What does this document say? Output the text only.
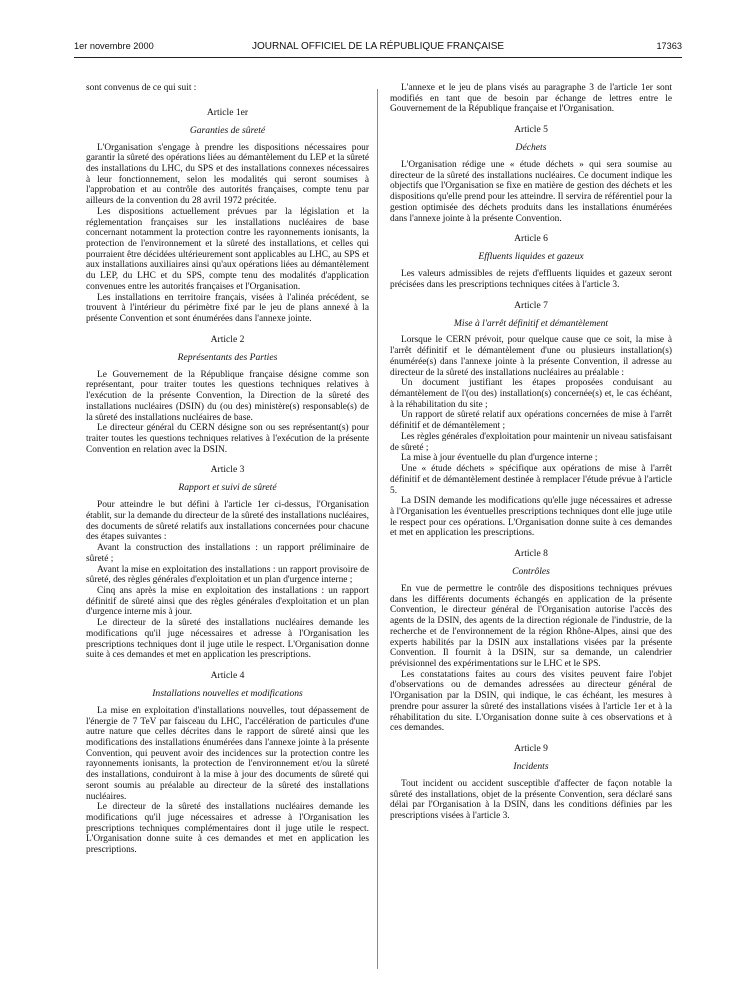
1er novembre 2000	JOURNAL OFFICIEL DE LA RÉPUBLIQUE FRANÇAISE	17363

sont convenus de ce qui suit :

Article 1er
Garanties de sûreté

L'Organisation s'engage à prendre les dispositions nécessaires pour garantir la sûreté des opérations liées au démantèlement du LEP et la sûreté des installations du LHC, du SPS et des installations connexes nécessaires à leur fonctionnement, selon les modalités qui seront soumises à l'approbation et au contrôle des autorités françaises, compte tenu par ailleurs de la convention du 28 avril 1972 précitée.

Les dispositions actuellement prévues par la législation et la réglementation françaises sur les installations nucléaires de base concernant notamment la protection contre les rayonnements ionisants, la protection de l'environnement et la sûreté des installations, et celles qui pourraient être décidées ultérieurement sont applicables au LHC, au SPS et aux installations auxiliaires ainsi qu'aux opérations liées au démantèlement du LEP, du LHC et du SPS, compte tenu des modalités d'application convenues entre les autorités françaises et l'Organisation.

Les installations en territoire français, visées à l'alinéa précédent, se trouvent à l'intérieur du périmètre fixé par le jeu de plans annexé à la présente Convention et sont énumérées dans l'annexe jointe.

Article 2
Représentants des Parties

Le Gouvernement de la République française désigne comme son représentant, pour traiter toutes les questions techniques relatives à l'exécution de la présente Convention, la Direction de la sûreté des installations nucléaires (DSIN) du (ou des) ministère(s) responsable(s) de la sûreté des installations nucléaires de base.

Le directeur général du CERN désigne son ou ses représentant(s) pour traiter toutes les questions techniques relatives à l'exécution de la présente Convention en relation avec la DSIN.

Article 3
Rapport et suivi de sûreté

Pour atteindre le but défini à l'article 1er ci-dessus, l'Organisation établit, sur la demande du directeur de la sûreté des installations nucléaires, des documents de sûreté relatifs aux installations concernées pour chacune des étapes suivantes :

Avant la construction des installations : un rapport préliminaire de sûreté ;

Avant la mise en exploitation des installations : un rapport provisoire de sûreté, des règles générales d'exploitation et un plan d'urgence interne ;

Cinq ans après la mise en exploitation des installations : un rapport définitif de sûreté ainsi que des règles générales d'exploitation et un plan d'urgence interne mis à jour.

Le directeur de la sûreté des installations nucléaires demande les modifications qu'il juge nécessaires et adresse à l'Organisation les prescriptions techniques dont il juge utile le respect. L'Organisation donne suite à ces demandes et met en application les prescriptions.

Article 4
Installations nouvelles et modifications

La mise en exploitation d'installations nouvelles, tout dépassement de l'énergie de 7 TeV par faisceau du LHC, l'accélération de particules d'une autre nature que celles décrites dans le rapport de sûreté ainsi que les modifications des installations énumérées dans l'annexe jointe à la présente Convention, qui peuvent avoir des incidences sur la protection contre les rayonnements ionisants, la protection de l'environnement et/ou la sûreté des installations, conduiront à la mise à jour des documents de sûreté qui seront soumis au préalable au directeur de la sûreté des installations nucléaires.

Le directeur de la sûreté des installations nucléaires demande les modifications qu'il juge nécessaires et adresse à l'Organisation les prescriptions techniques complémentaires dont il juge utile le respect. L'Organisation donne suite à ces demandes et met en application les prescriptions.

L'annexe et le jeu de plans visés au paragraphe 3 de l'article 1er sont modifiés en tant que de besoin par échange de lettres entre le Gouvernement de la République française et l'Organisation.

Article 5
Déchets

L'Organisation rédige une « étude déchets » qui sera soumise au directeur de la sûreté des installations nucléaires. Ce document indique les objectifs que l'Organisation se fixe en matière de gestion des déchets et les dispositions qu'elle prend pour les atteindre. Il servira de référentiel pour la gestion optimisée des déchets produits dans les installations énumérées dans l'annexe jointe à la présente Convention.

Article 6
Effluents liquides et gazeux

Les valeurs admissibles de rejets d'effluents liquides et gazeux seront précisées dans les prescriptions techniques citées à l'article 3.

Article 7
Mise à l'arrêt définitif et démantèlement

Lorsque le CERN prévoit, pour quelque cause que ce soit, la mise à l'arrêt définitif et le démantèlement d'une ou plusieurs installation(s) énumérée(s) dans l'annexe jointe à la présente Convention, il adresse au directeur de la sûreté des installations nucléaires au préalable :

Un document justifiant les étapes proposées conduisant au démantèlement de l'(ou des) installation(s) concernée(s) et, le cas échéant, à la réhabilitation du site ;

Un rapport de sûreté relatif aux opérations concernées de mise à l'arrêt définitif et de démantèlement ;

Les règles générales d'exploitation pour maintenir un niveau satisfaisant de sûreté ;

La mise à jour éventuelle du plan d'urgence interne ;

Une « étude déchets » spécifique aux opérations de mise à l'arrêt définitif et de démantèlement destinée à remplacer l'étude prévue à l'article 5.

La DSIN demande les modifications qu'elle juge nécessaires et adresse à l'Organisation les éventuelles prescriptions techniques dont elle juge utile le respect pour ces opérations. L'Organisation donne suite à ces demandes et met en application les prescriptions.

Article 8
Contrôles

En vue de permettre le contrôle des dispositions techniques prévues dans les différents documents échangés en application de la présente Convention, le directeur général de l'Organisation autorise l'accès des agents de la DSIN, des agents de la direction régionale de l'industrie, de la recherche et de l'environnement de la région Rhône-Alpes, ainsi que des experts habilités par la DSIN aux installations visées par la présente Convention. Il fournit à la DSIN, sur sa demande, un calendrier prévisionnel des expérimentations sur le LHC et le SPS.

Les constatations faites au cours des visites peuvent faire l'objet d'observations ou de demandes adressées au directeur général de l'Organisation par la DSIN, qui indique, le cas échéant, les mesures à prendre pour assurer la sûreté des installations visées à l'article 1er et à la réhabilitation du site. L'Organisation donne suite à ces observations et à ces demandes.

Article 9
Incidents

Tout incident ou accident susceptible d'affecter de façon notable la sûreté des installations, objet de la présente Convention, sera déclaré sans délai par l'Organisation à la DSIN, dans les conditions définies par les prescriptions visées à l'article 3.
